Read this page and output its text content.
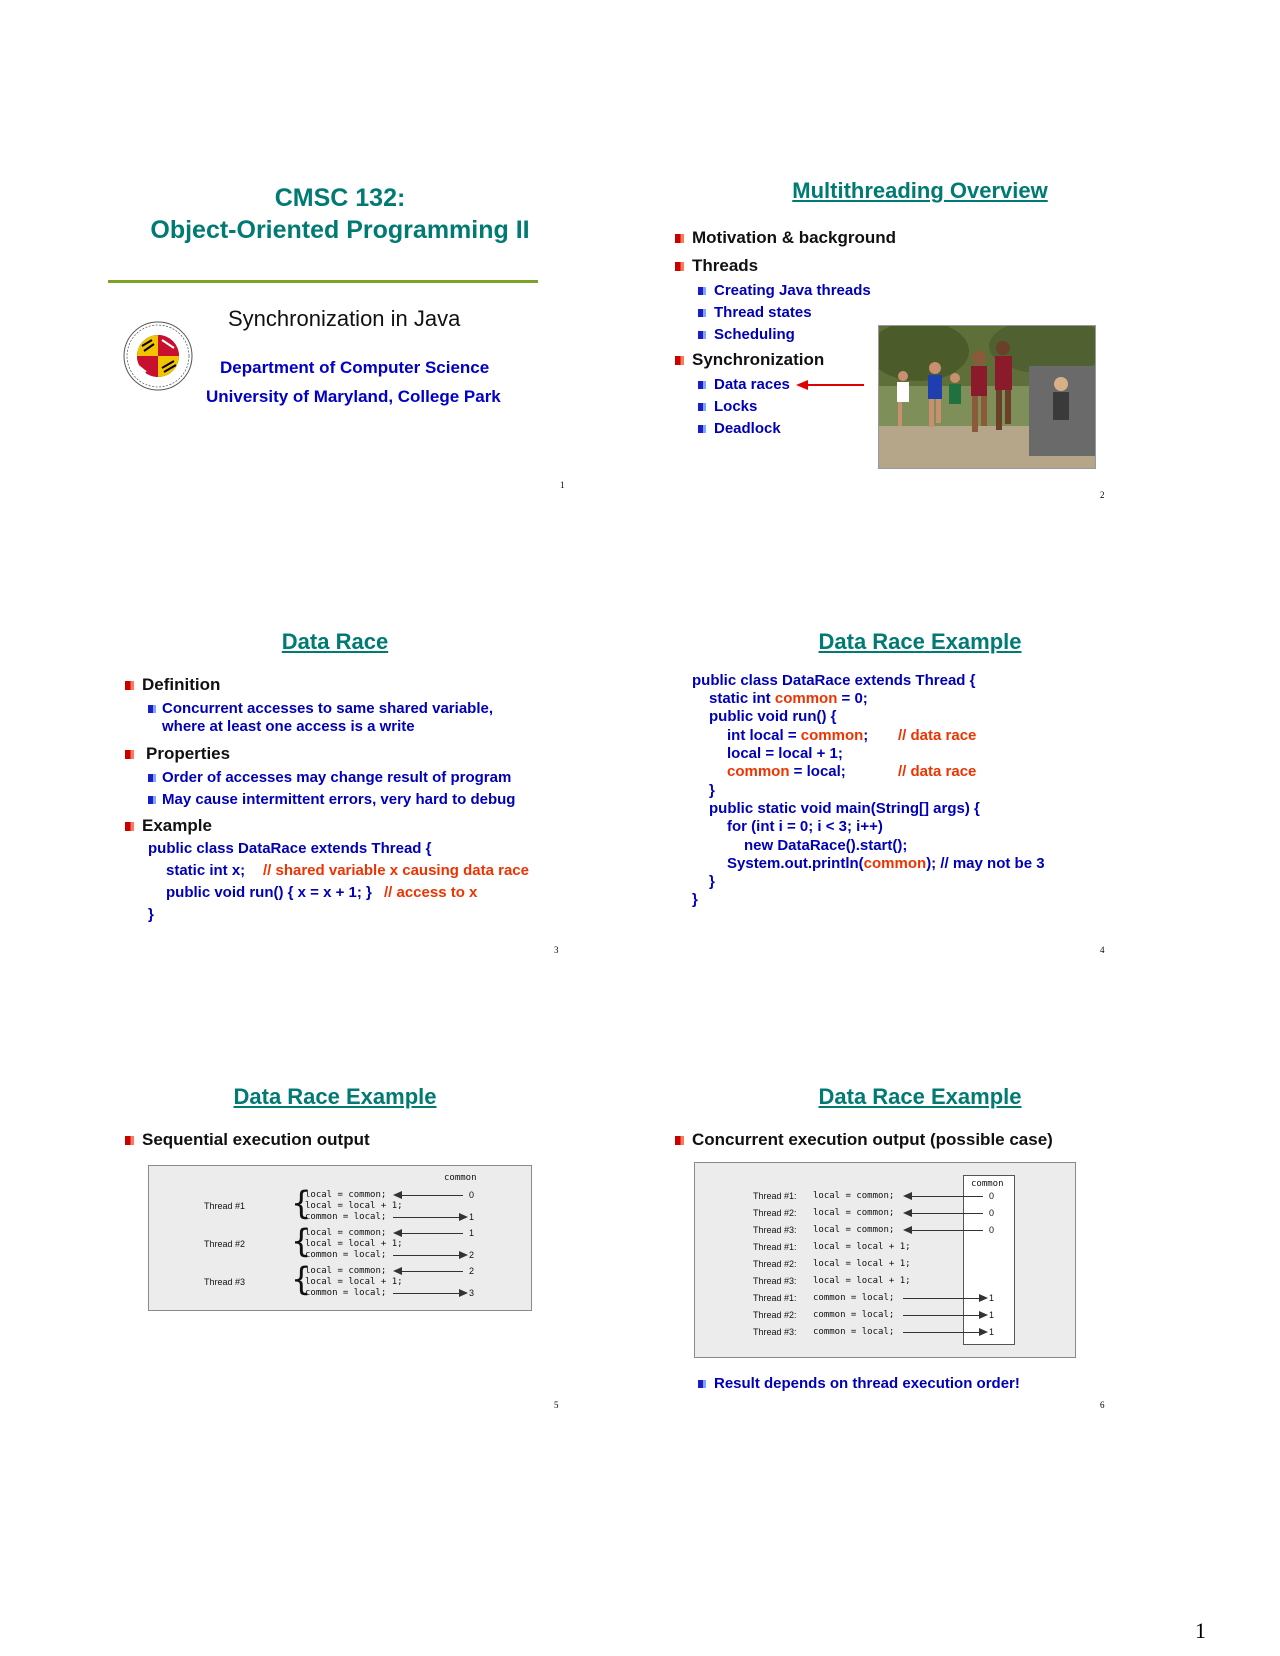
CMSC 132:
Object-Oriented Programming II
Synchronization in Java
Department of Computer Science
University of Maryland, College Park
1
Multithreading Overview
Motivation & background
Threads
Creating Java threads
Thread states
Scheduling
Synchronization
Data races
Locks
Deadlock
2
Data Race
Definition
Concurrent accesses to same shared variable,
where at least one access is a write
Properties
Order of accesses may change result of program
May cause intermittent errors, very hard to debug
Example
public class DataRace extends Thread {
static int x; // shared variable x causing data race
public void run() { x = x + 1; } // access to x
}
3
Data Race Example
public class DataRace extends Thread {
static int common = 0;
public void run() {
int local = common; // data race
local = local + 1;
common = local;	// data race
}
public static void main(String[] args) {
for (int i = 0; i < 3; i++)
new DataRace().start();
System.out.println(common); // may not be 3
}
}
4
Data Race Example
Sequential execution output
common
Thread #1 {
local = common;
local = local + 1;
common = local;
0
1
Thread #2 {
local = common;
local = local + 1;
common = local;
1
2
Thread #3 {
local = common;
local = local + 1;
common = local;
2
3
5
Data Race Example
Concurrent execution output (possible case)
common
Thread #1: local = common;	0
Thread #2: local = common;	0
Thread #3: local = common;	0
Thread #1: local = local + 1;
Thread #2: local = local + 1;
Thread #3: local = local + 1;
Thread #1: common = local;	1
Thread #2: common = local;	1
Thread #3: common = local;	1
Result depends on thread execution order!
6
1
